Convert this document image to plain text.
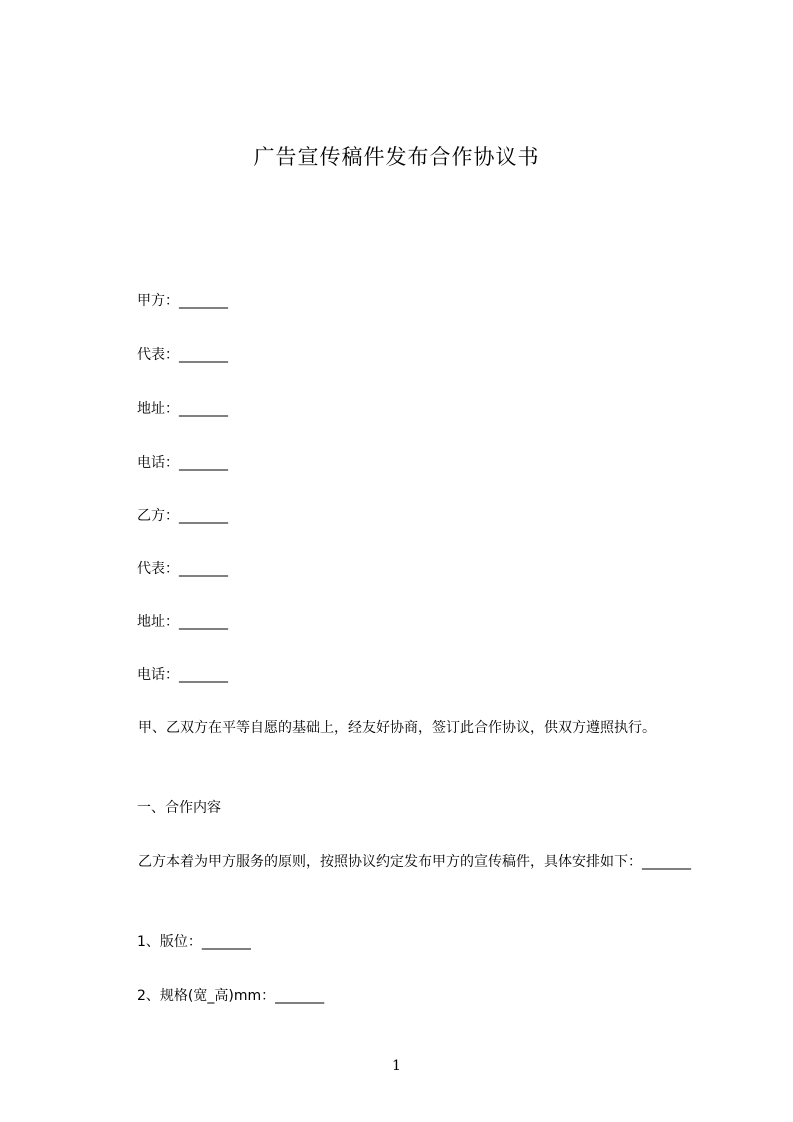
广告宣传稿件发布合作协议书
甲方：_______
代表：_______
地址：_______
电话：_______
乙方：_______
代表：_______
地址：_______
电话：_______
甲、乙双方在平等自愿的基础上，经友好协商，签订此合作协议，供双方遵照执行。
一、合作内容
乙方本着为甲方服务的原则，按照协议约定发布甲方的宣传稿件，具体安排如下：_______
1、版位：_______
2、规格(宽_高)mm：_______
1
